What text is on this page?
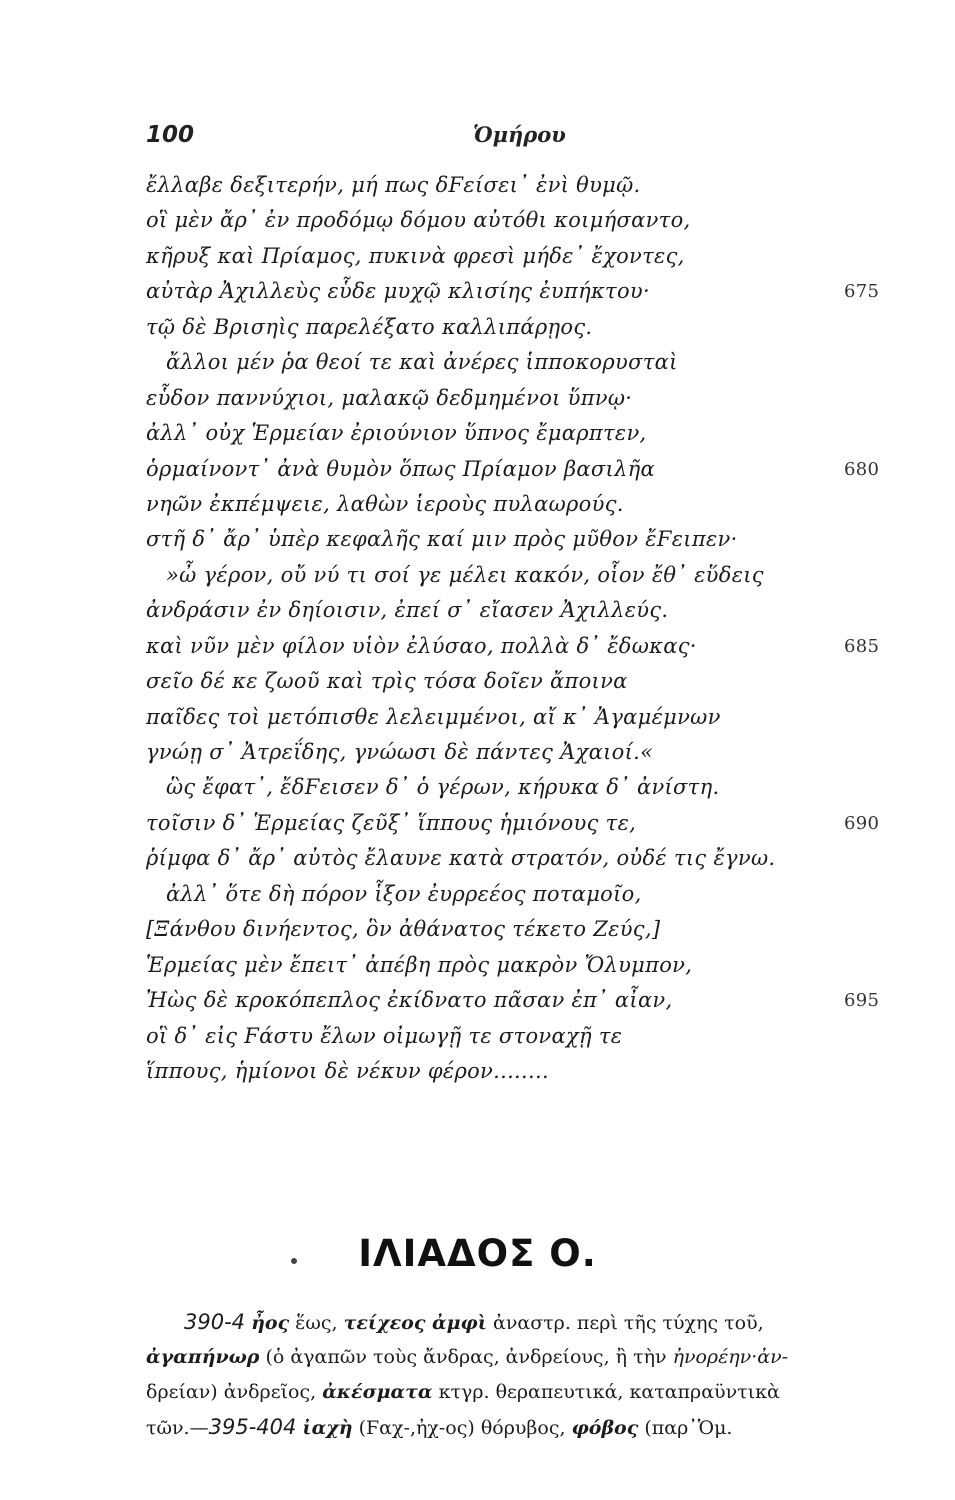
100	Ὁμήρου
ἔλλαβε δεξιτερήν, μή πως δϜείσει᾽ ἐνὶ θυμῷ.
οἳ μὲν ἄρ᾽ ἐν προδόμῳ δόμου αὐτόθι κοιμήσαντο,
κῆρυξ καὶ Πρίαμος, πυκινὰ φρεσὶ μήδε᾽ ἔχοντες,
αὐτὰρ Ἀχιλλεὺς εὗδε μυχῷ κλισίης ἐυπήκτου·	675
τῷ δὲ Βρισηὶς παρελέξατο καλλιπάρῃος.
ἄλλοι μέν ῥα θεοί τε καὶ ἀνέρες ἱπποκορυσταὶ
εὗδον παννύχιοι, μαλακῷ δεδμημένοι ὕπνῳ·
ἀλλ᾽ οὐχ Ἑρμείαν ἐριούνιον ὕπνος ἔμαρπτεν,
ὁρμαίνοντ᾽ ἀνὰ θυμὸν ὅπως Πρίαμον βασιλῆα	680
νηῶν ἐκπέμψειε, λαθὼν ἱεροὺς πυλαωρούς.
στῆ δ᾽ ἄρ᾽ ὑπὲρ κεφαλῆς καί μιν πρὸς μῦθον ἔϜειπεν·
»ὦ γέρον, οὔ νύ τι σοί γε μέλει κακόν, οἷον ἔθ᾽ εὕδεις
ἀνδράσιν ἐν δηίοισιν, ἐπεί σ᾽ εἴασεν Ἀχιλλεύς.
καὶ νῦν μὲν φίλον υἱὸν ἐλύσαο, πολλὰ δ᾽ ἔδωκας·	685
σεῖο δέ κε ζωοῦ καὶ τρὶς τόσα δοῖεν ἄποινα
παῖδες τοὶ μετόπισθε λελειμμένοι, αἴ κ᾽ Ἀγαμέμνων
γνώῃ σ᾽ Ἀτρεΐδης, γνώωσι δὲ πάντες Ἀχαιοί.«
ὣς ἔφατ᾽, ἔδϜεισεν δ᾽ ὁ γέρων, κήρυκα δ᾽ ἀνίστη.
τοῖσιν δ᾽ Ἑρμείας ζεῦξ᾽ ἵππους ἡμιόνους τε,	690
ῥίμφα δ᾽ ἄρ᾽ αὐτὸς ἔλαυνε κατὰ στρατόν, οὐδέ τις ἔγνω.
ἀλλ᾽ ὅτε δὴ πόρον ἷξον ἐυρρεέος ποταμοῖο,
[Ξάνθου δινήεντος, ὃν ἀθάνατος τέκετο Ζεύς,]
Ἑρμείας μὲν ἔπειτ᾽ ἀπέβη πρὸς μακρὸν Ὄλυμπον,
Ἠὼς δὲ κροκόπεπλος ἐκίδνατο πᾶσαν ἐπ᾽ αἶαν,	695
οἳ δ᾽ εἰς Ϝάστυ ἔλων οἰμωγῇ τε στοναχῇ τε
ἵππους, ἡμίονοι δὲ νέκυν φέρον........
ΙΛΙΑΔΟΣ Ο.
390-4 ἦος ἕως, τείχεος ἀμφὶ ἀναστρ. περὶ τῆς τύχης τοῦ,
ἀγαπήνωρ (ὁ ἀγαπῶν τοὺς ἄνδρας, ἀνδρείους, ἢ τὴν ἠνορέην·ἀν-
δρείαν) ἀνδρεῖος, ἀκέσματα κτγρ. θεραπευτικά, καταπραϋντικὰ
τῶν.—395-404 ἰαχὴ (Ϝαχ-,ἠχ-ος) θόρυβος, φόβος (παρ᾽Ὁμ.
